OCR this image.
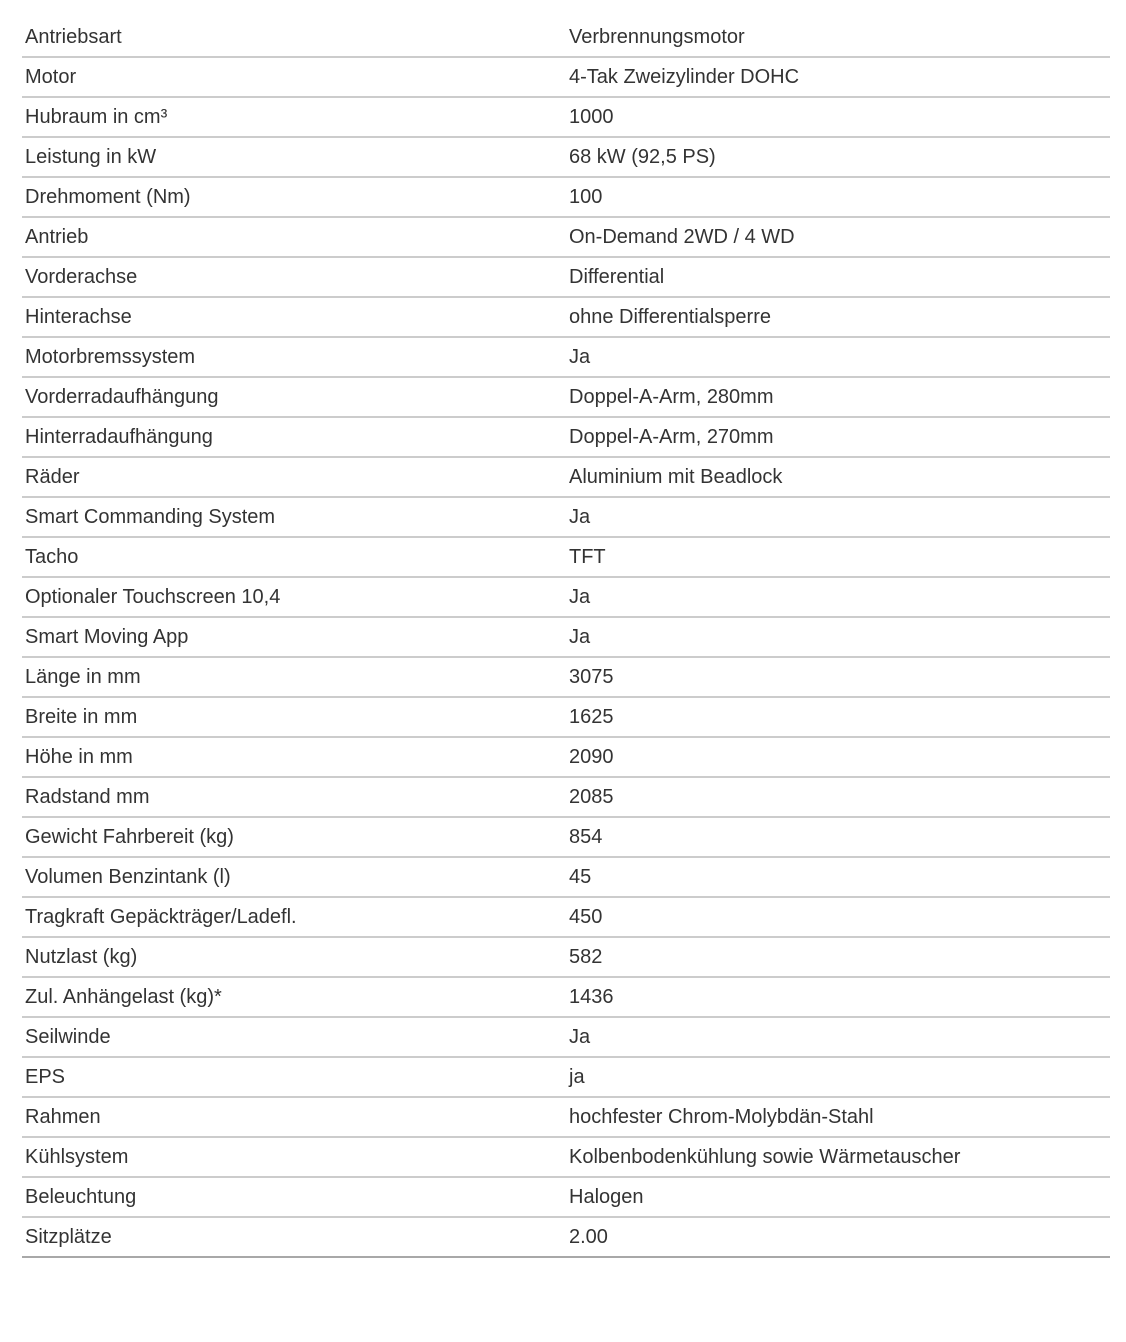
Antriebsart	Verbrennungsmotor
Motor	4-Tak Zweizylinder DOHC
Hubraum in cm³	1000
Leistung in kW	68 kW (92,5 PS)
Drehmoment (Nm)	100
Antrieb	On-Demand 2WD / 4 WD
Vorderachse	Differential
Hinterachse	ohne Differentialsperre
Motorbremssystem	Ja
Vorderradaufhängung	Doppel-A-Arm, 280mm
Hinterradaufhängung	Doppel-A-Arm, 270mm
Räder	Aluminium mit Beadlock
Smart Commanding System	Ja
Tacho	TFT
Optionaler Touchscreen 10,4	Ja
Smart Moving App	Ja
Länge in mm	3075
Breite in mm	1625
Höhe in mm	2090
Radstand mm	2085
Gewicht Fahrbereit (kg)	854
Volumen Benzintank (l)	45
Tragkraft Gepäckträger/Ladefl.	450
Nutzlast (kg)	582
Zul. Anhängelast (kg)*	1436
Seilwinde	Ja
EPS	ja
Rahmen	hochfester Chrom-Molybdän-Stahl
Kühlsystem	Kolbenbodenkühlung sowie Wärmetauscher
Beleuchtung	Halogen
Sitzplätze	2.00
